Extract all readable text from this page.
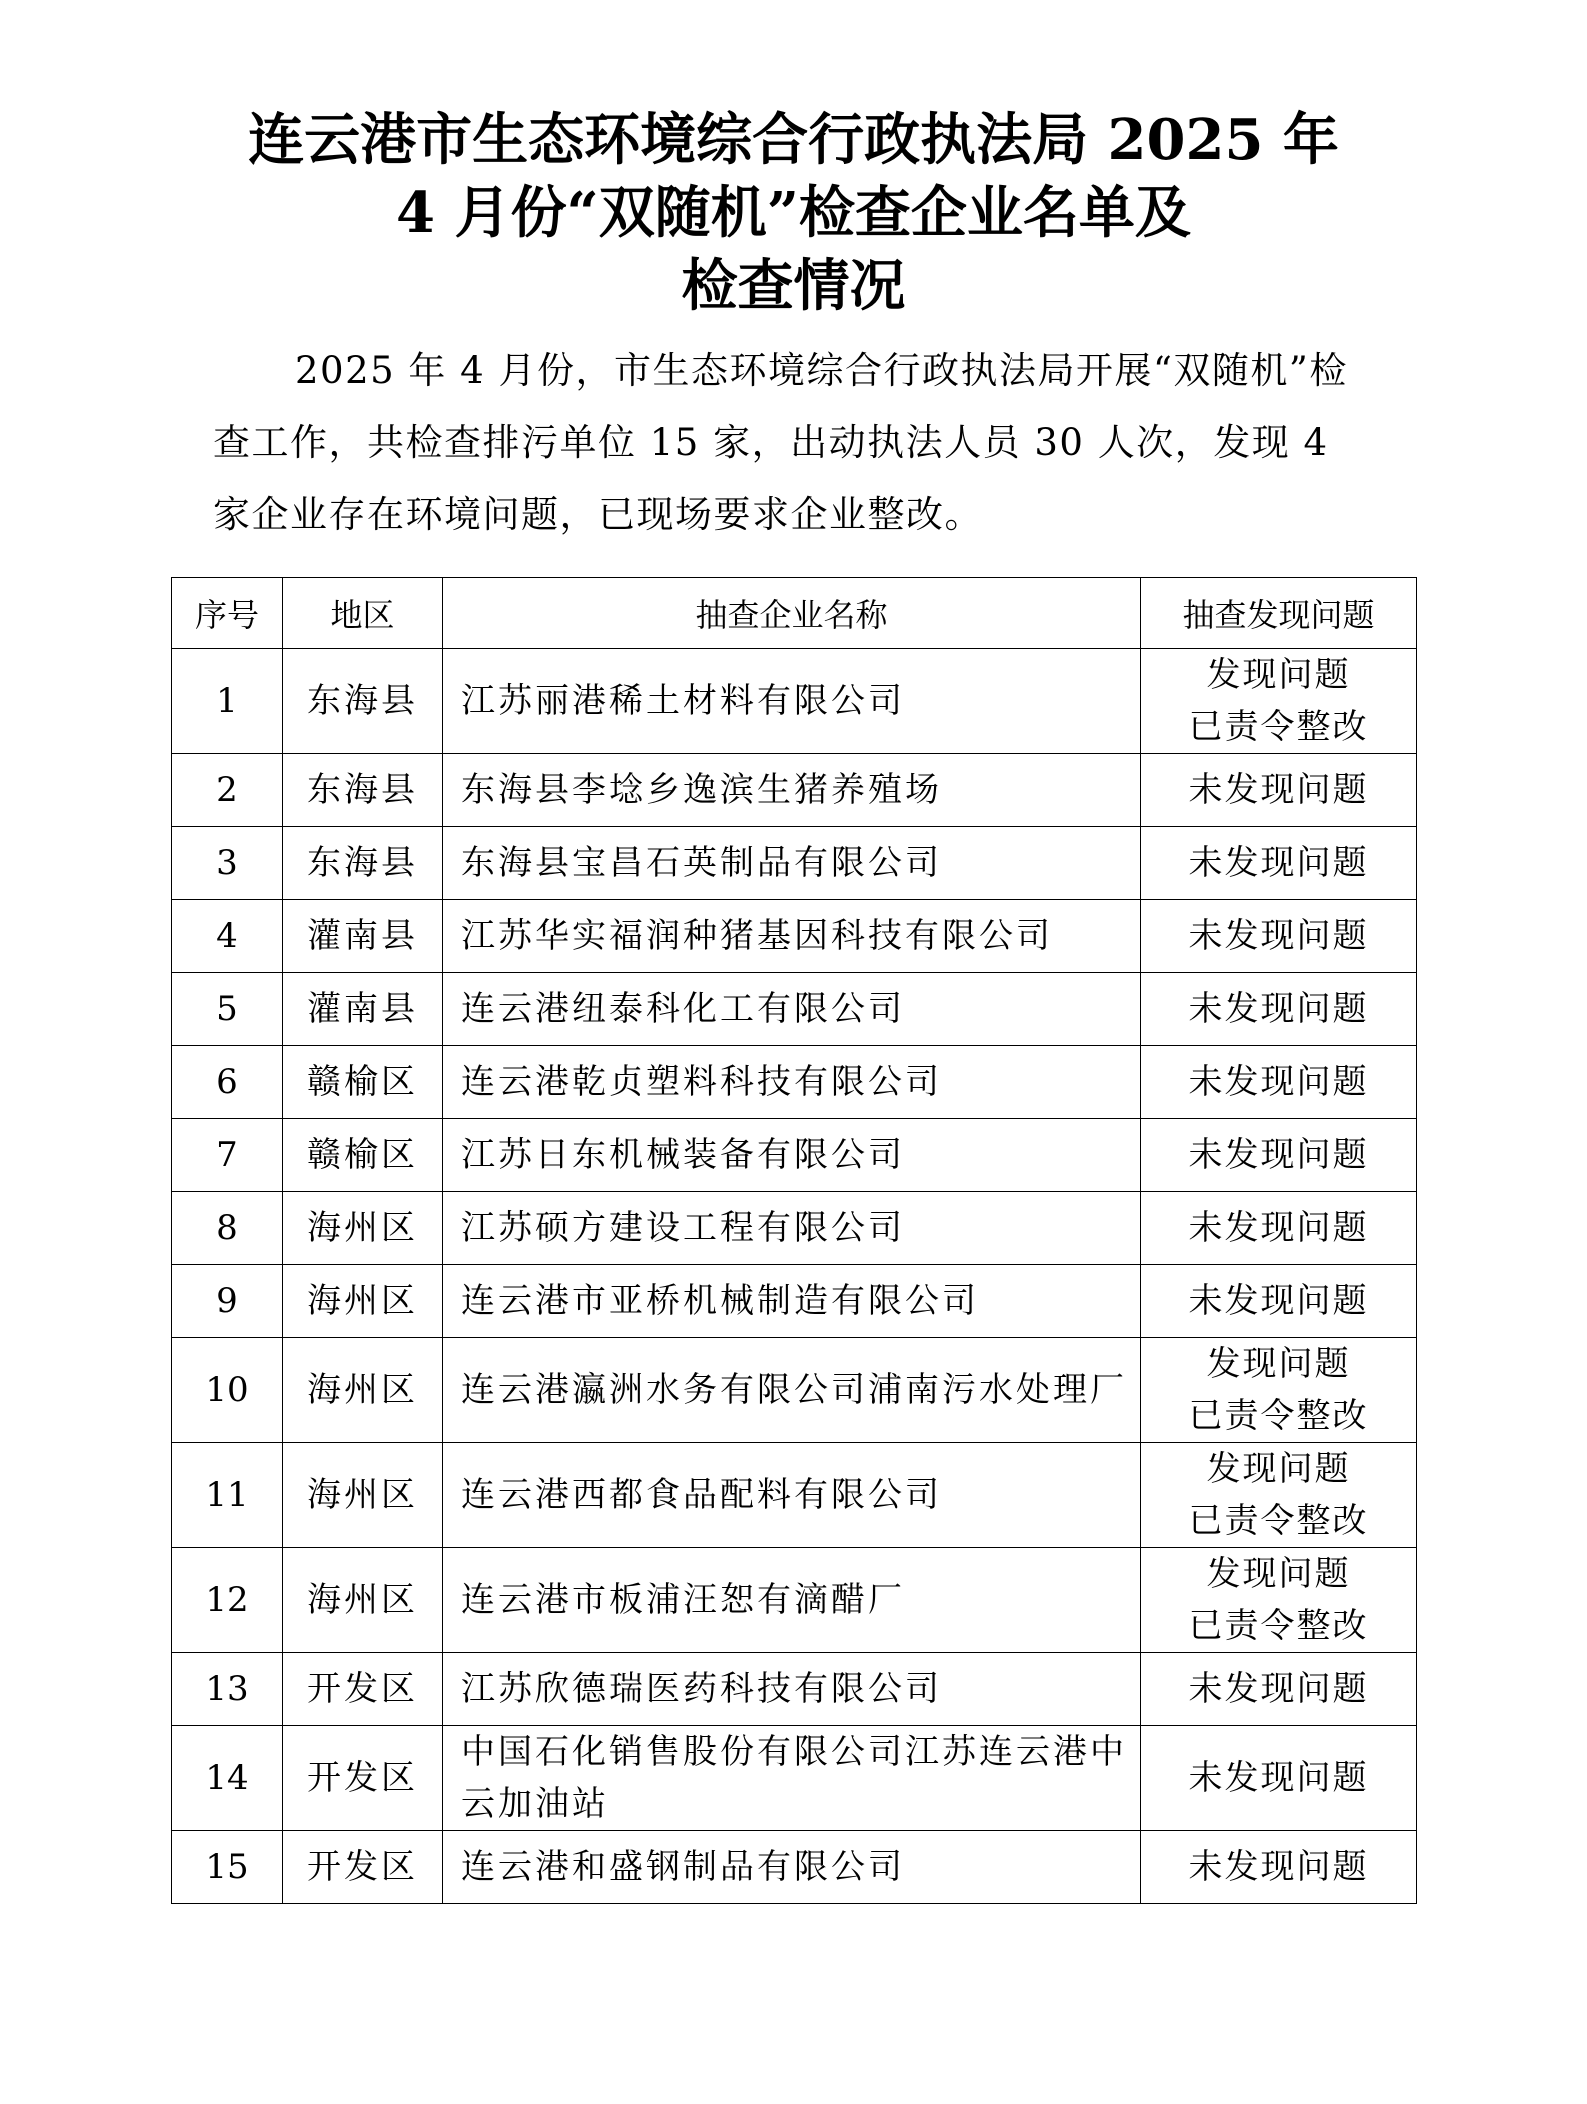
连云港市生态环境综合行政执法局 2025 年
4 月份“双随机”检查企业名单及
检查情况

2025 年 4 月份，市生态环境综合行政执法局开展“双随机”检查工作，共检查排污单位 15 家，出动执法人员 30 人次，发现 4 家企业存在环境问题，已现场要求企业整改。

序号	地区	抽查企业名称	抽查发现问题
1	东海县	江苏丽港稀土材料有限公司	发现问题
已责令整改

2	东海县	东海县李埝乡逸滨生猪养殖场	未发现问题

3	东海县	东海县宝昌石英制品有限公司	未发现问题

4	灌南县	江苏华实福润种猪基因科技有限公司	未发现问题

5	灌南县	连云港纽泰科化工有限公司	未发现问题

6	赣榆区	连云港乾贞塑料科技有限公司	未发现问题

7	赣榆区	江苏日东机械装备有限公司	未发现问题

8	海州区	江苏硕方建设工程有限公司	未发现问题

9	海州区	连云港市亚桥机械制造有限公司	未发现问题

10	海州区	连云港瀛洲水务有限公司浦南污水处理厂	发现问题
已责令整改

11	海州区	连云港西都食品配料有限公司	发现问题
已责令整改

12	海州区	连云港市板浦汪恕有滴醋厂	发现问题
已责令整改

13	开发区	江苏欣德瑞医药科技有限公司	未发现问题

14	开发区	中国石化销售股份有限公司江苏连云港中云加油站	未发现问题

15	开发区	连云港和盛钢制品有限公司	未发现问题
